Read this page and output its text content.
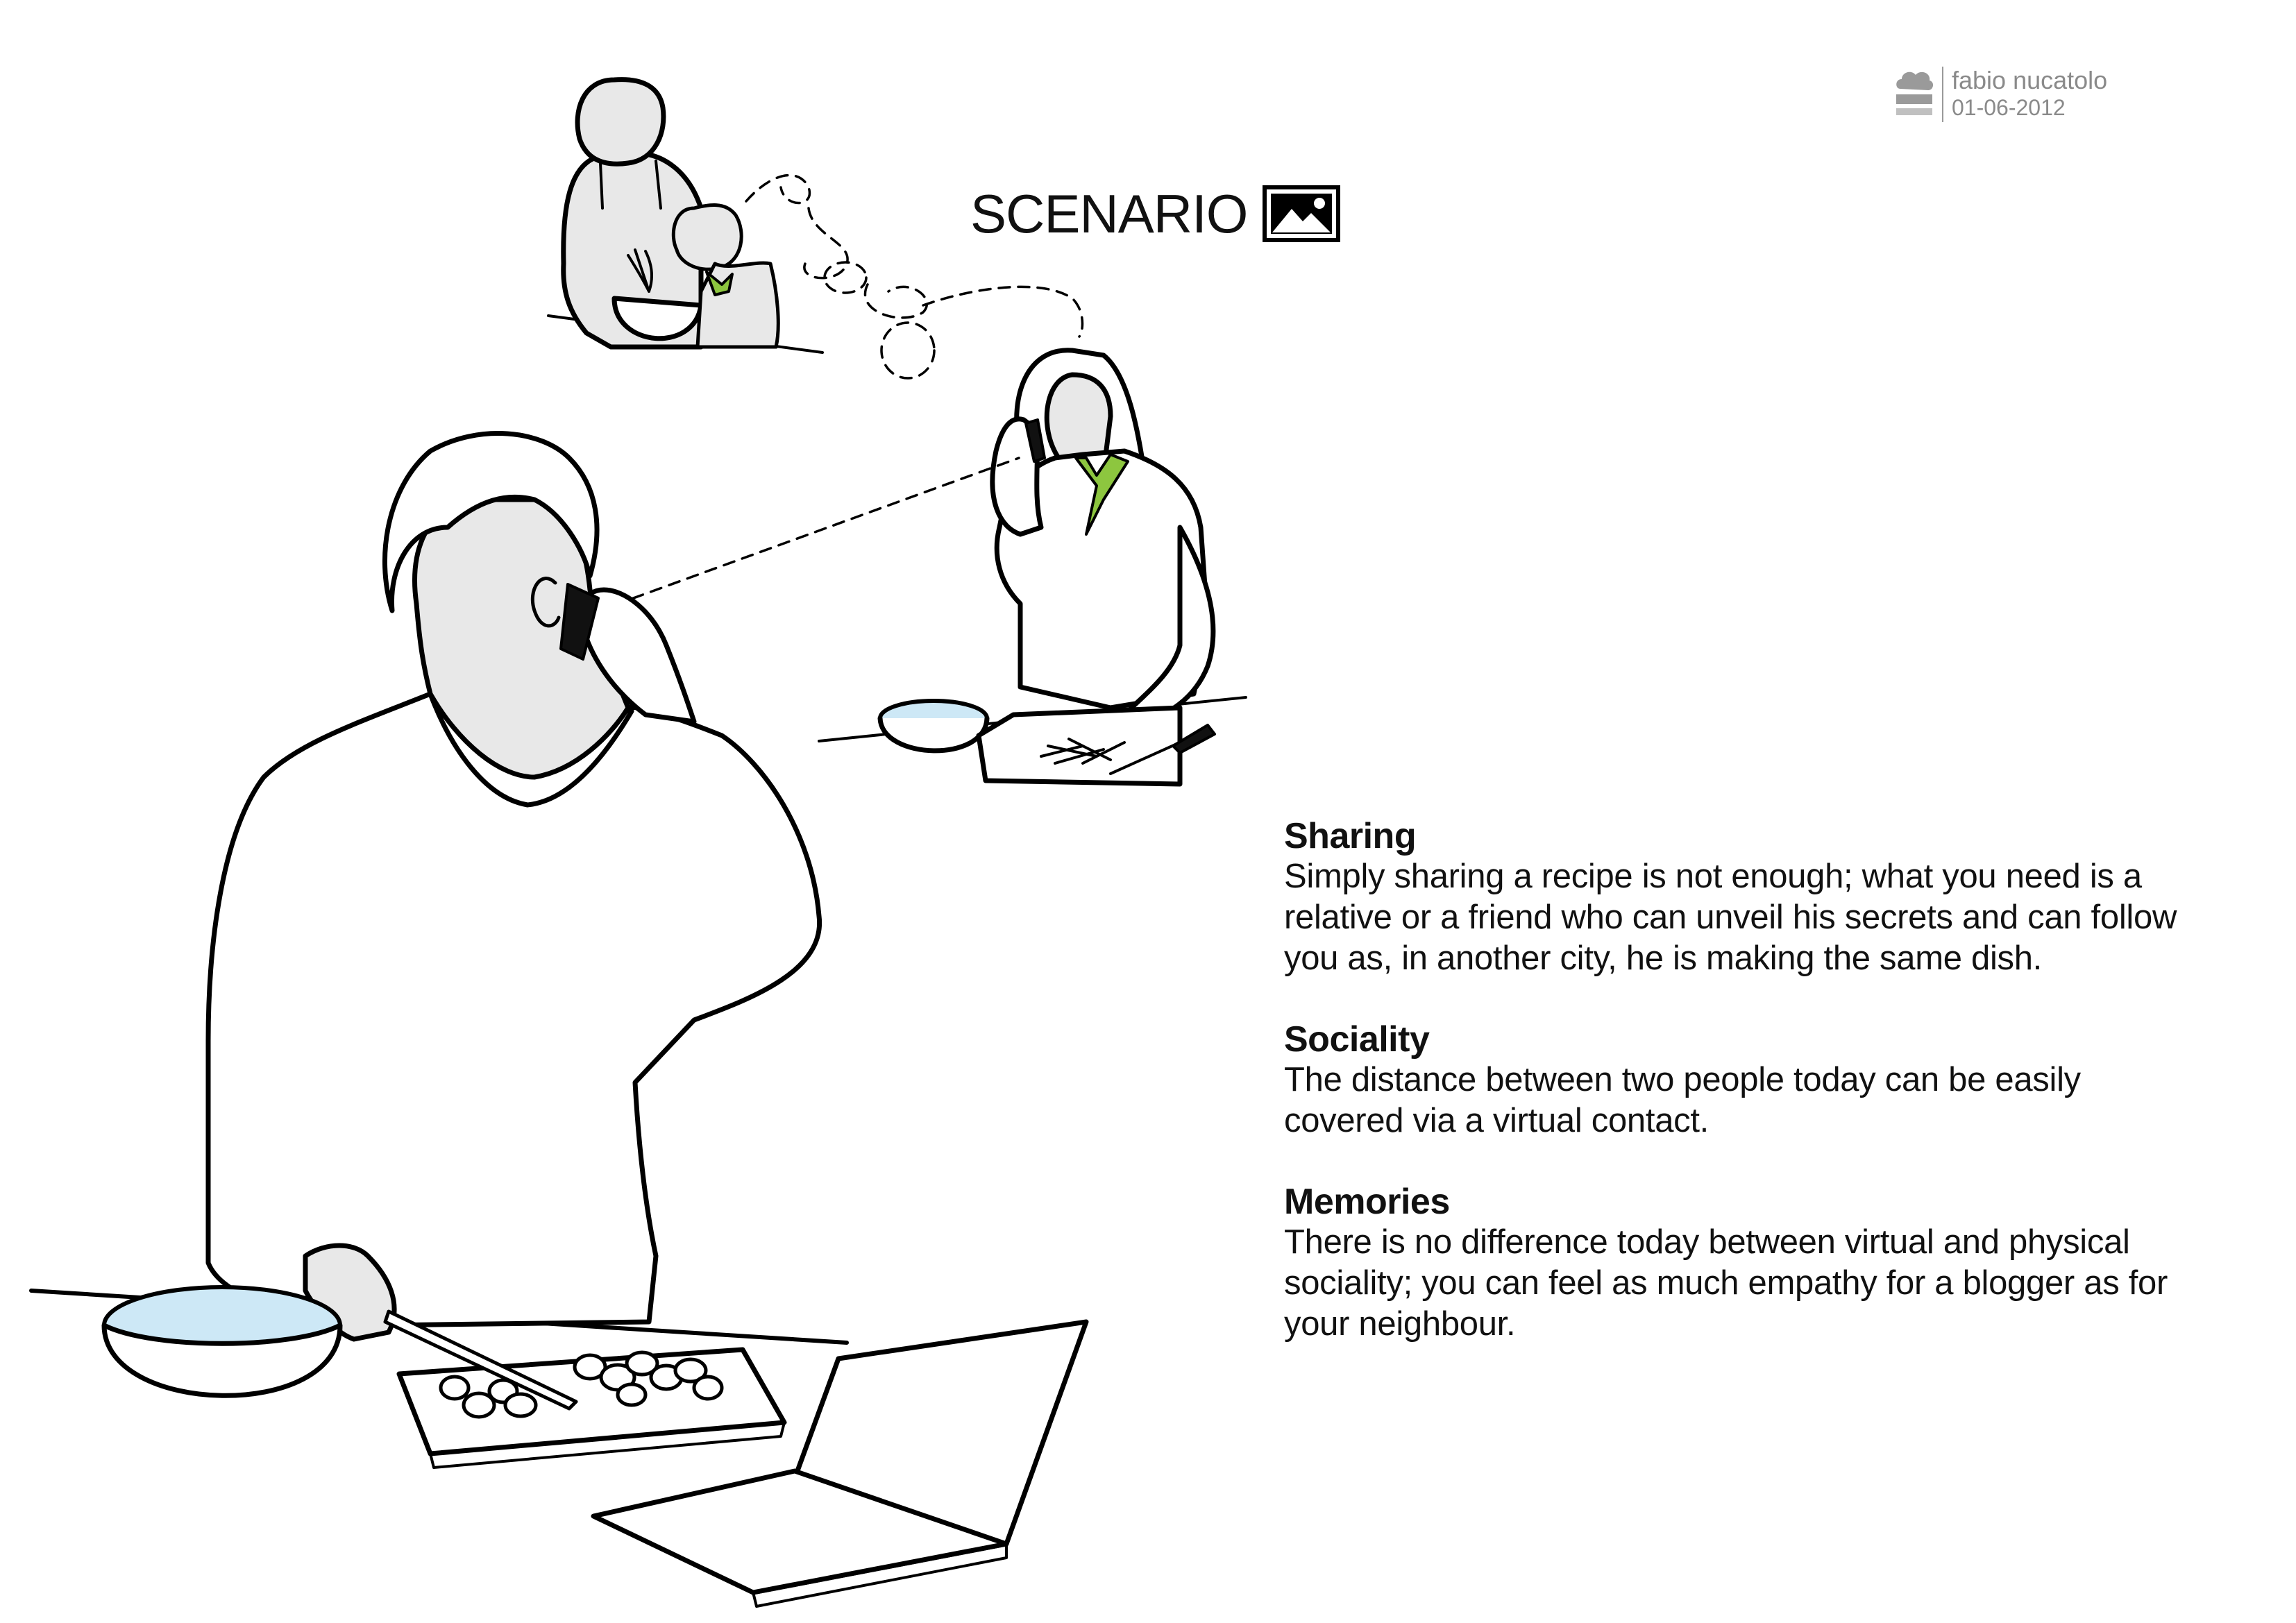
SCENARIO
fabio nucatolo
01-06-2012

Sharing

Simply sharing a recipe is not enough; what you need is a relative or a friend who can unveil his secrets and can follow you as, in another city, he is making the same dish.

Sociality

The distance between two people today can be easily covered via a virtual contact.

Memories

There is no difference today between virtual and physical sociality; you can feel as much empathy for a blogger as for your neighbour.
